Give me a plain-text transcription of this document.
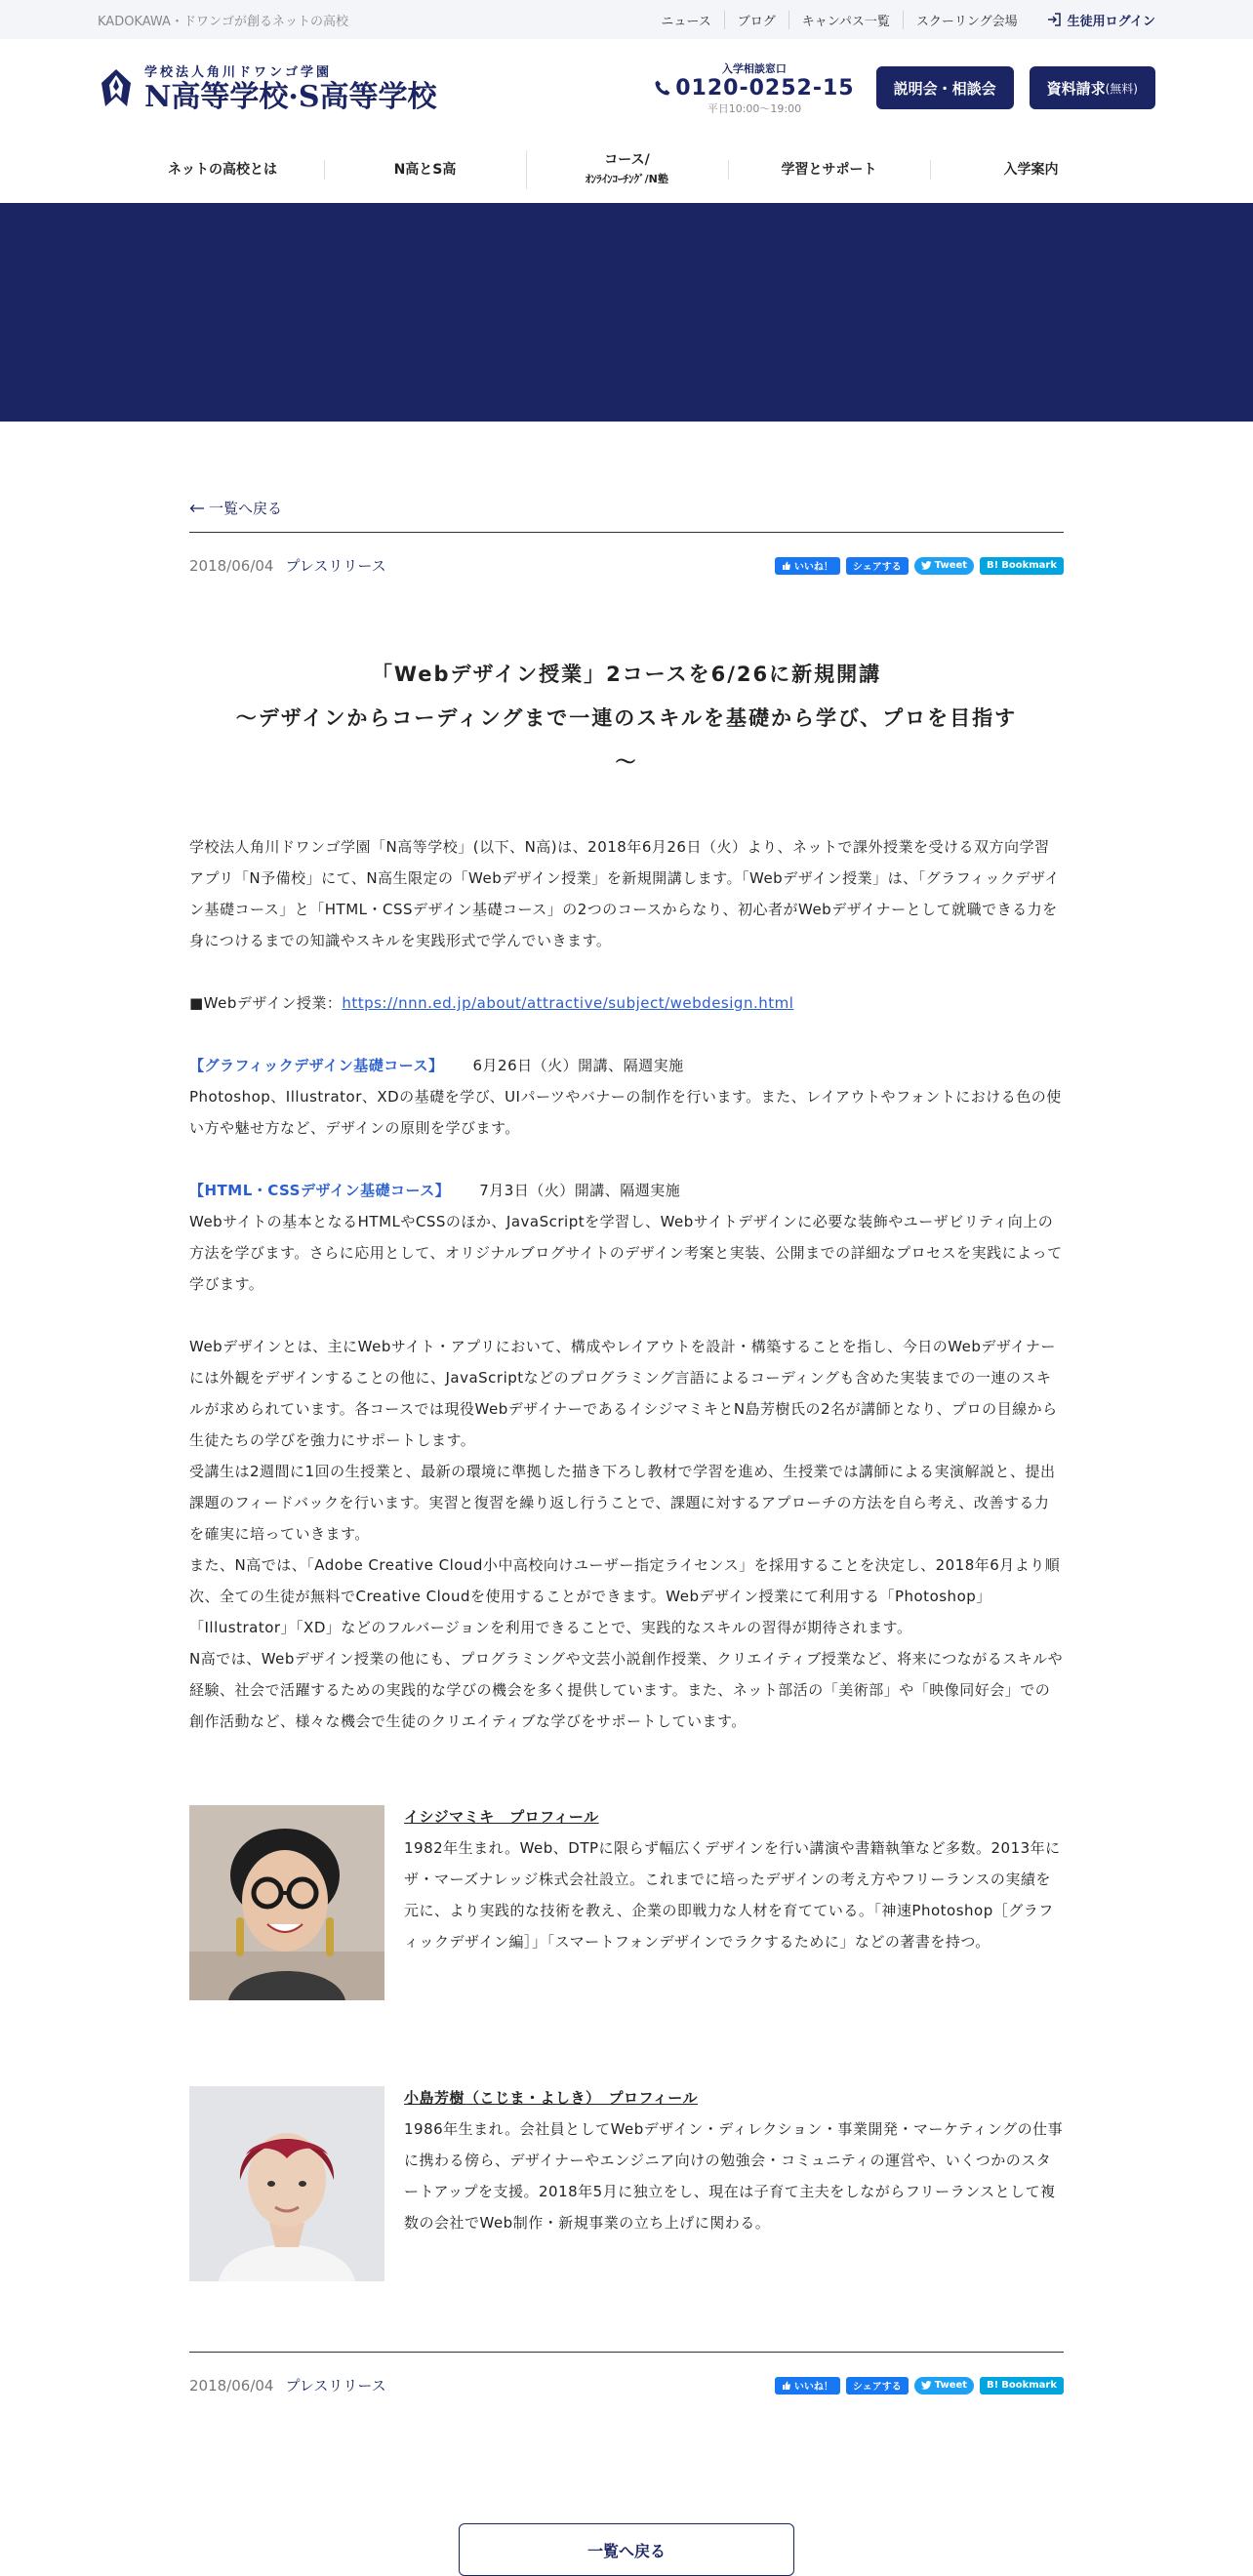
KADOKAWA・ドワンゴが創るネットの高校	ニュース	ブログ	キャンパス一覧	スクーリング会場	生徒用ログイン
学校法人角川ドワンゴ学園
N高等学校·S高等学校
入学相談窓口
0120-0252-15
平日10:00〜19:00
説明会・相談会	資料請求 (無料)
ネットの高校とは	N高とS高
コース/
ｵﾝﾗｲﾝｺｰﾁﾝｸﾞ/N塾
学習とサポート	入学案内
一覧へ戻る
2018/06/04 プレスリリース	いいね！	シェアする	Tweet B! Bookmark
「Webデザイン授業」2コースを6/26に新規開講
～デザインからコーディングまで一連のスキルを基礎から学び、プロを目指す
～

学校法人角川ドワンゴ学園「N高等学校」(以下、N高)は、2018年6月26日（火）より、ネットで課外授業を受ける双方向学習アプリ「N予備校」にて、N高生限定の「Webデザイン授業」を新規開講します。「Webデザイン授業」は、「グラフィックデザイン基礎コース」と「HTML・CSSデザイン基礎コース」の2つのコースからなり、初心者がWebデザイナーとして就職できる力を身につけるまでの知識やスキルを実践形式で学んでいきます。

■Webデザイン授業：https://nnn.ed.jp/about/attractive/subject/webdesign.html

【グラフィックデザイン基礎コース】 6月26日（火）開講、隔週実施
Photoshop、Illustrator、XDの基礎を学び、UIパーツやバナーの制作を行います。また、レイアウトやフォントにおける色の使い方や魅せ方など、デザインの原則を学びます。

【HTML・CSSデザイン基礎コース】 7月3日（火）開講、隔週実施
Webサイトの基本となるHTMLやCSSのほか、JavaScriptを学習し、Webサイトデザインに必要な装飾やユーザビリティ向上の方法を学びます。さらに応用として、オリジナルブログサイトのデザイン考案と実装、公開までの詳細なプロセスを実践によって学びます。

Webデザインとは、主にWebサイト・アプリにおいて、構成やレイアウトを設計・構築することを指し、今日のWebデザイナーには外観をデザインすることの他に、JavaScriptなどのプログラミング言語によるコーディングも含めた実装までの一連のスキルが求められています。各コースでは現役WebデザイナーであるイシジマミキとN島芳樹氏の2名が講師となり、プロの目線から生徒たちの学びを強力にサポートします。

受講生は2週間に1回の生授業と、最新の環境に準拠した描き下ろし教材で学習を進め、生授業では講師による実演解説と、提出課題のフィードバックを行います。実習と復習を繰り返し行うことで、課題に対するアプローチの方法を自ら考え、改善する力を確実に培っていきます。

また、N高では、「Adobe Creative Cloud小中高校向けユーザー指定ライセンス」を採用することを決定し、2018年6月より順次、全ての生徒が無料でCreative Cloudを使用することができます。Webデザイン授業にて利用する「Photoshop」「Illustrator」「XD」などのフルバージョンを利用できることで、実践的なスキルの習得が期待されます。

N高では、Webデザイン授業の他にも、プログラミングや文芸小説創作授業、クリエイティブ授業など、将来につながるスキルや経験、社会で活躍するための実践的な学びの機会を多く提供しています。また、ネット部活の「美術部」や「映像同好会」での創作活動など、様々な機会で生徒のクリエイティブな学びをサポートしています。

イシジマミキ　プロフィール
1982年生まれ。Web、DTPに限らず幅広くデザインを行い講演や書籍執筆など多数。2013年にザ・マーズナレッジ株式会社設立。これまでに培ったデザインの考え方やフリーランスの実績を元に、より実践的な技術を教え、企業の即戦力な人材を育てている。「神速Photoshop［グラフィックデザイン編］」「スマートフォンデザインでラクするために」などの著書を持つ。
小島芳樹（こじま・よしき）　プロフィール
1986年生まれ。会社員としてWebデザイン・ディレクション・事業開発・マーケティングの仕事に携わる傍ら、デザイナーやエンジニア向けの勉強会・コミュニティの運営や、いくつかのスタートアップを支援。2018年5月に独立をし、現在は子育て主夫をしながらフリーランスとして複数の会社でWeb制作・新規事業の立ち上げに関わる。
2018/06/04 プレスリリース	いいね！	シェアする	Tweet B! Bookmark
一覧へ戻る
